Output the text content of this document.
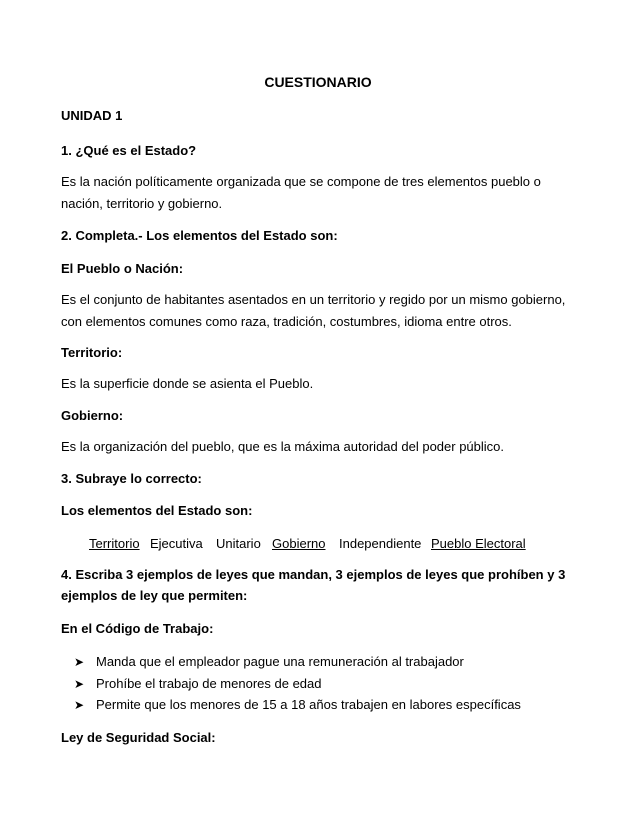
CUESTIONARIO
UNIDAD 1
1. ¿Qué es el Estado?
Es la nación políticamente organizada que se compone de tres elementos pueblo o
nación, territorio y gobierno.
2. Completa.- Los elementos del Estado son:
El Pueblo o Nación:
Es el conjunto de habitantes asentados en un territorio y regido por un mismo gobierno,
con elementos comunes como raza, tradición, costumbres, idioma entre otros.
Territorio:
Es la superficie donde se asienta el Pueblo.
Gobierno:
Es la organización del pueblo, que es la máxima autoridad del poder público.
3. Subraye lo correcto:
Los elementos del Estado son:
Territorio Ejecutiva Unitario Gobierno Independiente Pueblo Electoral
4. Escriba 3 ejemplos de leyes que mandan, 3 ejemplos de leyes que prohíben y 3
ejemplos de ley que permiten:
En el Código de Trabajo:
➤ Manda que el empleador pague una remuneración al trabajador
➤ Prohíbe el trabajo de menores de edad
➤ Permite que los menores de 15 a 18 años trabajen en labores específicas
Ley de Seguridad Social:
